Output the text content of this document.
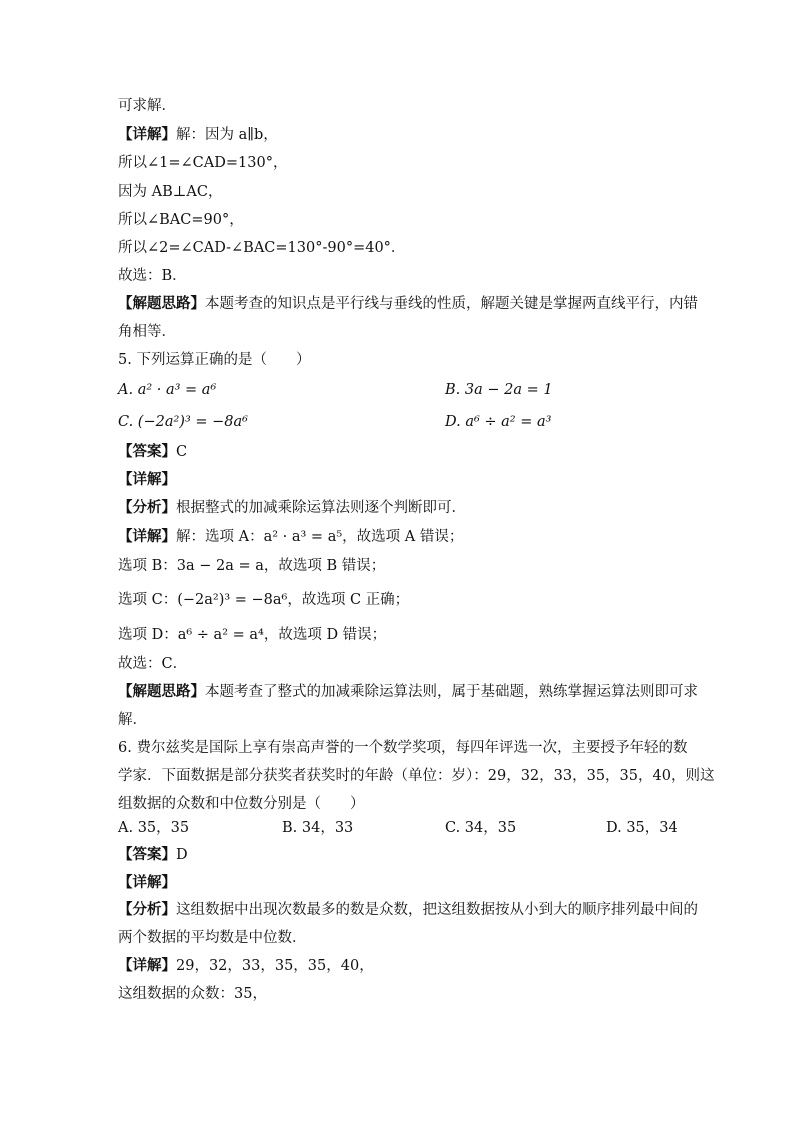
可求解．
【详解】解：因为 a∥b，
所以∠1=∠CAD=130°，
因为 AB⊥AC，
所以∠BAC=90°，
所以∠2=∠CAD-∠BAC=130°-90°=40°．
故选：B．
【解题思路】本题考查的知识点是平行线与垂线的性质，解题关键是掌握两直线平行，内错
角相等．
5. 下列运算正确的是（　　）
A. a² · a³ = a⁶	B. 3a − 2a = 1
C. (−2a²)³ = −8a⁶	D. a⁶ ÷ a² = a³
【答案】C
【详解】
【分析】根据整式的加减乘除运算法则逐个判断即可．
【详解】解：选项 A：a² · a³ = a⁵，故选项 A 错误；
选项 B：3a − 2a = a，故选项 B 错误；
选项 C：(−2a²)³ = −8a⁶，故选项 C 正确；
选项 D：a⁶ ÷ a² = a⁴，故选项 D 错误；
故选：C．
【解题思路】本题考查了整式的加减乘除运算法则，属于基础题，熟练掌握运算法则即可求
解．
6. 费尔兹奖是国际上享有崇高声誉的一个数学奖项，每四年评选一次，主要授予年轻的数
学家．下面数据是部分获奖者获奖时的年龄（单位：岁）：29，32，33，35，35，40，则这
组数据的众数和中位数分别是（　　）
A. 35，35	B. 34，33	C. 34，35	D. 35，34
【答案】D
【详解】
【分析】这组数据中出现次数最多的数是众数，把这组数据按从小到大的顺序排列最中间的
两个数据的平均数是中位数．
【详解】29，32，33，35，35，40，
这组数据的众数：35，
